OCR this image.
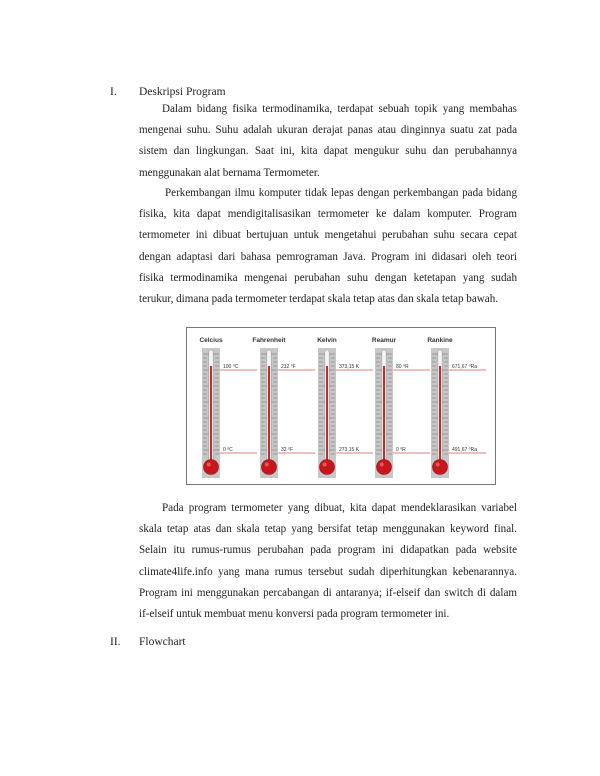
I. Deskripsi Program

Dalam bidang fisika termodinamika, terdapat sebuah topik yang membahas mengenai suhu. Suhu adalah ukuran derajat panas atau dinginnya suatu zat pada sistem dan lingkungan. Saat ini, kita dapat mengukur suhu dan perubahannya menggunakan alat bernama Termometer.

Perkembangan ilmu komputer tidak lepas dengan perkembangan pada bidang fisika, kita dapat mendigitalisasikan termometer ke dalam komputer. Program termometer ini dibuat bertujuan untuk mengetahui perubahan suhu secara cepat dengan adaptasi dari bahasa pemrograman Java. Program ini didasari oleh teori fisika termodinamika mengenai perubahan suhu dengan ketetapan yang sudah terukur, dimana pada termometer terdapat skala tetap atas dan skala tetap bawah.

Celcius
100 ⁰C
0 ⁰C
Fahrenheit
212 ⁰F
32 ⁰F
Kelvin
373,15 K
273,15 K
Reamur
80 ⁰R
0 ⁰R
Rankine
671,67 ⁰Ra
491,67 ⁰Ra

Pada program termometer yang dibuat, kita dapat mendeklarasikan variabel skala tetap atas dan skala tetap yang bersifat tetap menggunakan keyword final. Selain itu rumus-rumus perubahan pada program ini didapatkan pada website climate4life.info yang mana rumus tersebut sudah diperhitungkan kebenarannya. Program ini menggunakan percabangan di antaranya; if-elseif dan switch di dalam if-elseif untuk membuat menu konversi pada program termometer ini.

II. Flowchart
